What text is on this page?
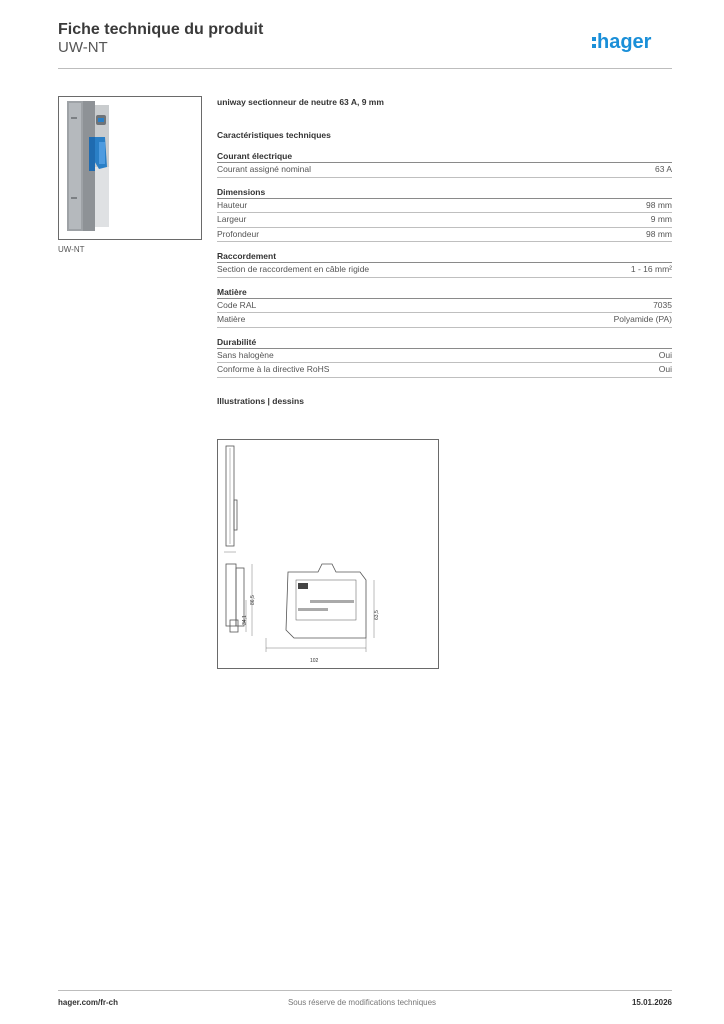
Fiche technique du produit
UW-NT	hager
UW-NT
uniway sectionneur de neutre 63 A, 9 mm
Caractéristiques techniques
Courant électrique
Courant assigné nominal	63 A
Dimensions
Hauteur	98 mm
Largeur	9 mm
Profondeur	98 mm
Raccordement
Section de raccordement en câble rigide	1 - 16 mm²
Matière
Code RAL	7035
Matière	Polyamide (PA)
Durabilité
Sans halogène	Oui
Conforme à la directive RoHS	Oui
Illustrations | dessins
86,5
34,1
102
63,5
hager.com/fr-ch	Sous réserve de modifications techniques	15.01.2026
